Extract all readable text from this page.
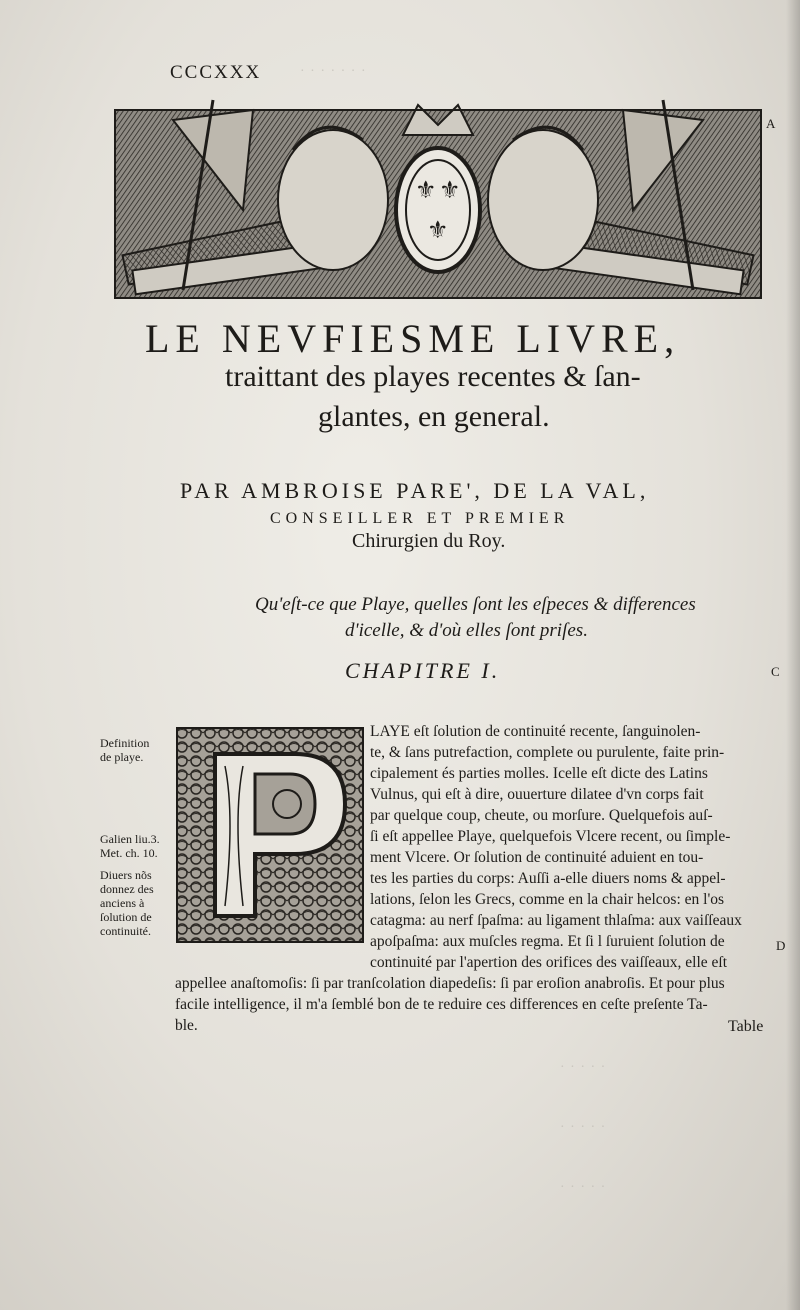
· · · · · · ·
CCCXXX
A
C
D
⚜ ⚜
⚜
LE NEVFIESME LIVRE,
traittant des playes recentes & ſan-
glantes, en general.
PAR AMBROISE PARE', DE LA VAL,
CONSEILLER ET PREMIER
Chirurgien du Roy.
Qu'eſt-ce que Playe, quelles ſont les eſpeces & differences
d'icelle, & d'où elles ſont priſes.
CHAPITRE I.
Definition
de playe.
Galien liu.3.
Met. ch. 10.
Diuers nõs
donnez des
anciens à
ſolution de
continuité.
LAYE eſt ſolution de continuité recente, ſanguinolen-
te, & ſans putrefaction, complete ou purulente, faite prin-
cipalement és parties molles. Icelle eſt dicte des Latins
Vulnus, qui eſt à dire, ouuerture dilatee d'vn corps fait
par quelque coup, cheute, ou morſure. Quelquefois auſ-
ſi eſt appellee Playe, quelquefois Vlcere recent, ou ſimple-
ment Vlcere. Or ſolution de continuité aduient en tou-
tes les parties du corps: Auſſi a-elle diuers noms & appel-
lations, ſelon les Grecs, comme en la chair helcos: en l'os
catagma: au nerf ſpaſma: au ligament thlaſma: aux vaiſſeaux
apoſpaſma: aux muſcles regma. Et ſi l ſuruient ſolution de
continuité par l'apertion des orifices des vaiſſeaux, elle eſt
appellee anaſtomoſis: ſi par tranſcolation diapedeſis: ſi par eroſion anabroſis. Et pour plus
facile intelligence, il m'a ſemblé bon de te reduire ces differences en ceſte preſente Ta-
ble.	Table
· · · · ·
· · · · ·
· · · · ·
